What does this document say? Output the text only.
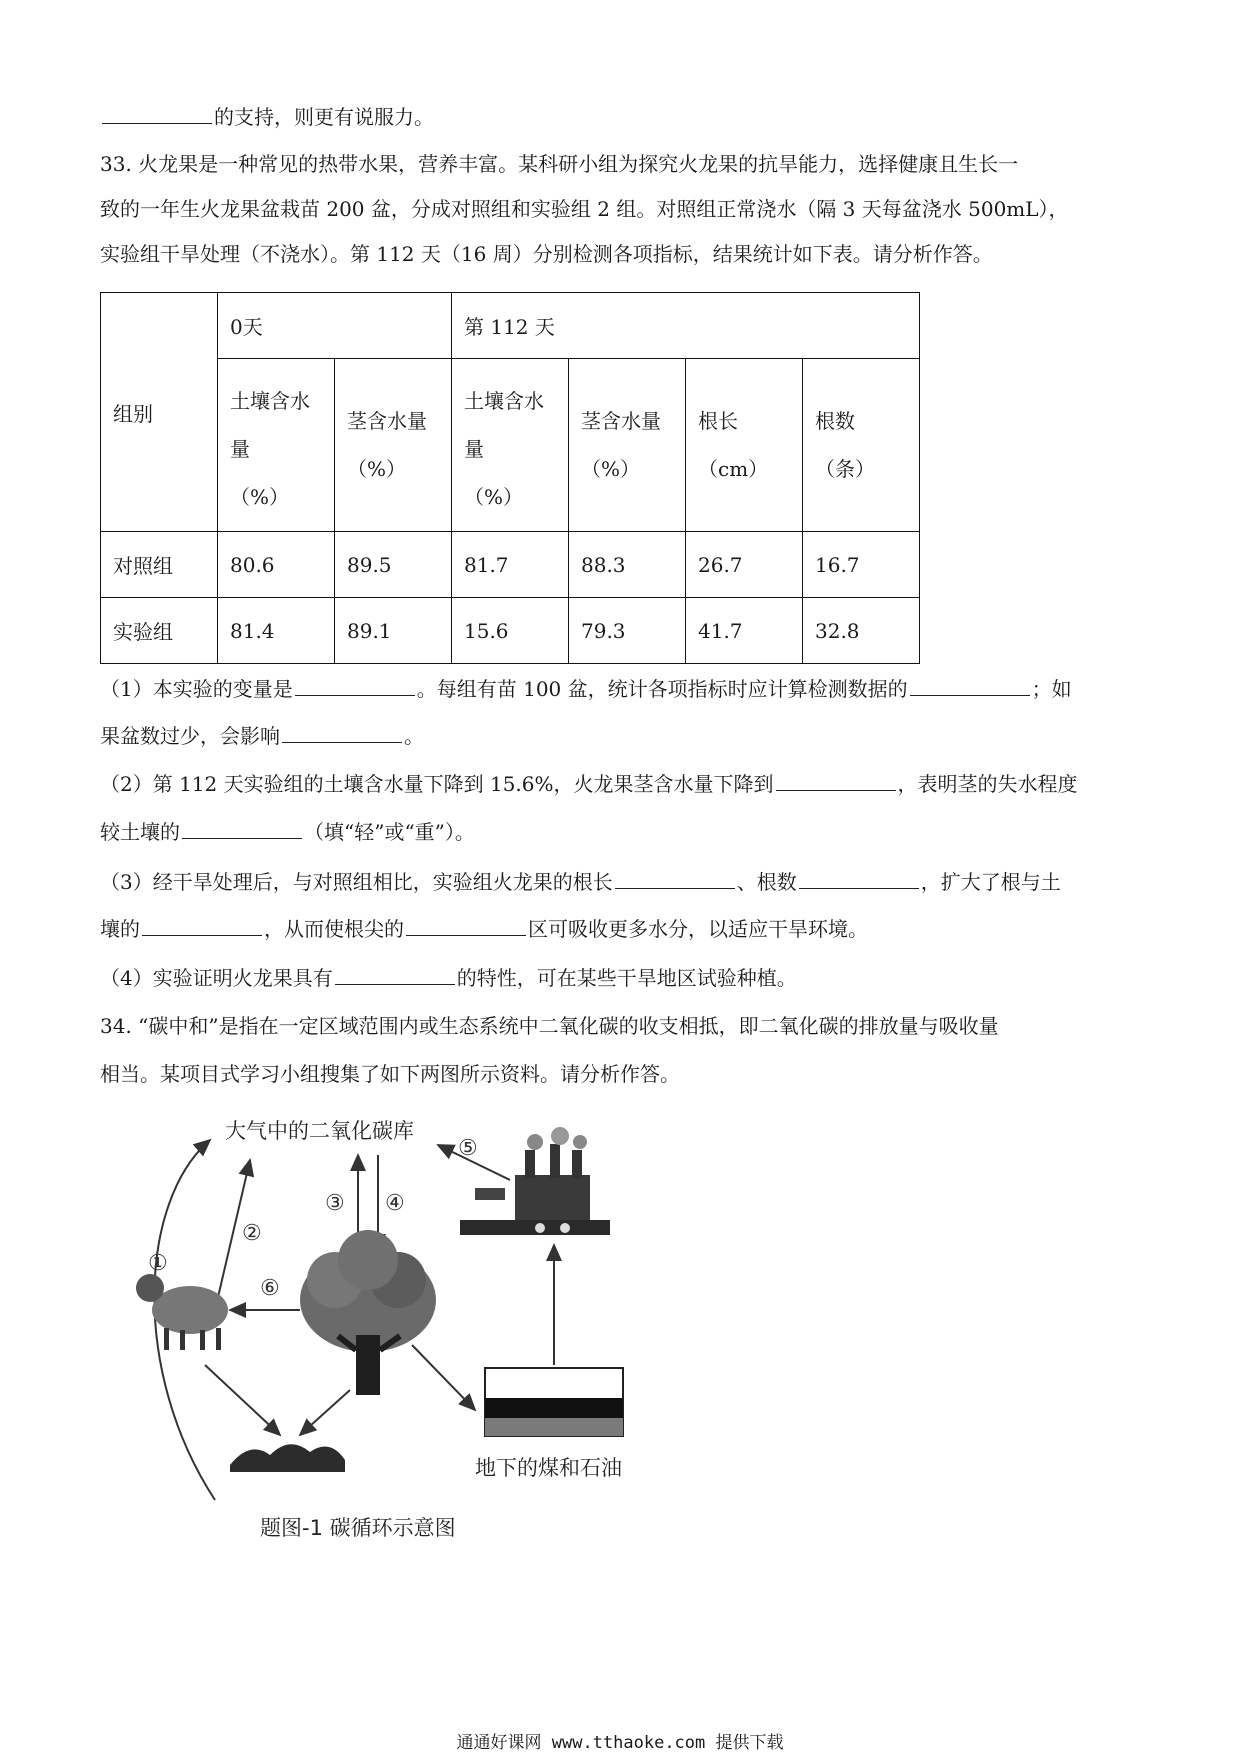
的支持，则更有说服力。
33. 火龙果是一种常见的热带水果，营养丰富。某科研小组为探究火龙果的抗旱能力，选择健康且生长一
致的一年生火龙果盆栽苗 200 盆，分成对照组和实验组 2 组。对照组正常浇水（隔 3 天每盆浇水 500mL），
实验组干旱处理（不浇水）。第 112 天（16 周）分别检测各项指标，结果统计如下表。请分析作答。
组别	0天		第 112 天			

	土壤含水
量
（%）	茎含水量
（%）	土壤含水
量
（%）	茎含水量
（%）	根长
（cm）	根数
（条）

对照组	80.6	89.5	81.7	88.3	26.7	16.7
实验组	81.4	89.1	15.6	79.3	41.7	32.8
（1）本实验的变量是	。每组有苗 100 盆，统计各项指标时应计算检测数据的	；如
果盆数过少，会影响	。
（2）第 112 天实验组的土壤含水量下降到 15.6%，火龙果茎含水量下降到	，表明茎的失水程度
较土壤的	（填“轻”或“重”）。
（3）经干旱处理后，与对照组相比，实验组火龙果的根长	、根数	，扩大了根与土
壤的	，从而使根尖的	区可吸收更多水分，以适应干旱环境。
（4）实验证明火龙果具有	的特性，可在某些干旱地区试验种植。
34. “碳中和”是指在一定区域范围内或生态系统中二氧化碳的收支相抵，即二氧化碳的排放量与吸收量
相当。某项目式学习小组搜集了如下两图所示资料。请分析作答。
大气中的二氧化碳库
①
②
③ ④
⑤
⑥
地下的煤和石油
题图-1 碳循环示意图
通通好课网 www.tthaoke.com 提供下载
